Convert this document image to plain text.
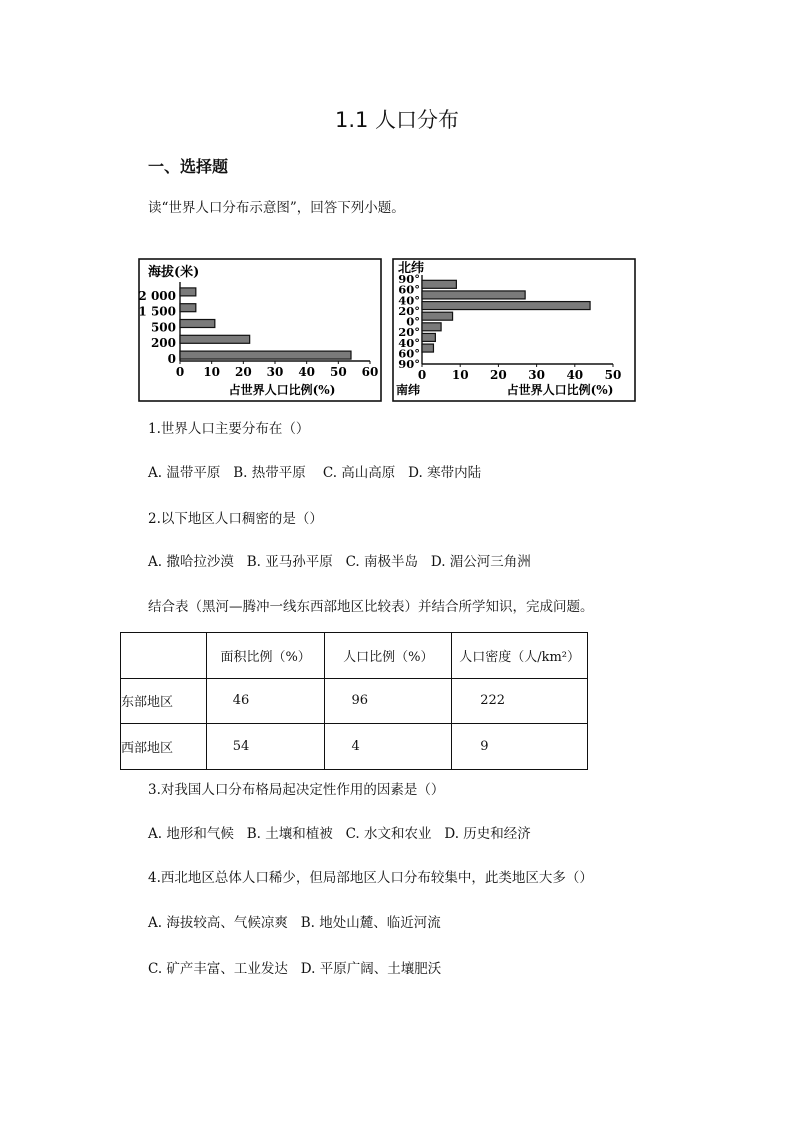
1.1 人口分布
一、选择题
读“世界人口分布示意图”，回答下列小题。
海拔(米)
2 000
1 500
500
200
0
0 10 20 30 40 50 60
占世界人口比例(%)
北纬
南纬
90°
60°
40°
20°
0°
20°
40°
60°
90°
0 10 20 30 40 50
占世界人口比例(%)
1.世界人口主要分布在（）
A. 温带平原   B. 热带平原    C. 高山高原   D. 寒带内陆
2.以下地区人口稠密的是（）
A. 撒哈拉沙漠   B. 亚马孙平原   C. 南极半岛   D. 湄公河三角洲
结合表（黑河—腾冲一线东西部地区比较表）并结合所学知识，完成问题。
	面积比例（%）	人口比例（%）	人口密度（人/km²）
东部地区	46	96	222
西部地区	54	4	9
3.对我国人口分布格局起决定性作用的因素是（）
A. 地形和气候   B. 土壤和植被   C. 水文和农业   D. 历史和经济
4.西北地区总体人口稀少，但局部地区人口分布较集中，此类地区大多（）
A. 海拔较高、气候凉爽   B. 地处山麓、临近河流
C. 矿产丰富、工业发达   D. 平原广阔、土壤肥沃
